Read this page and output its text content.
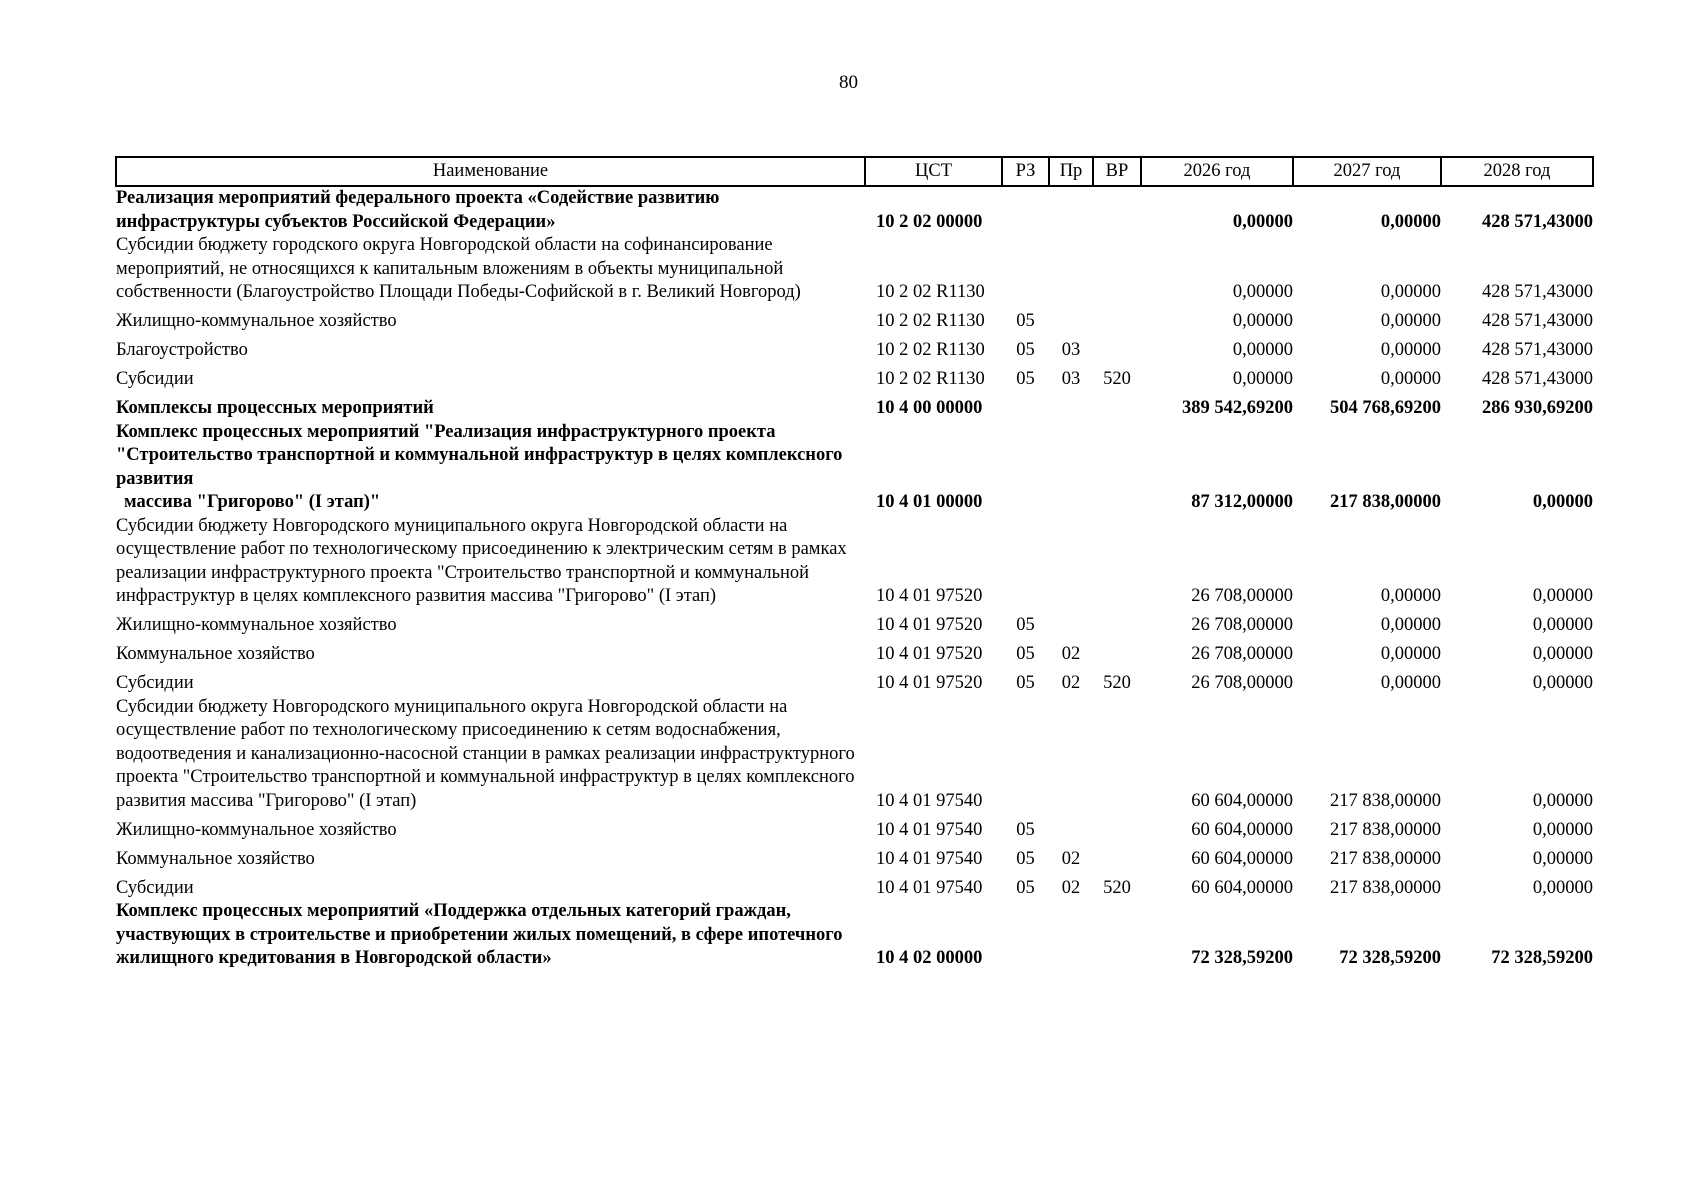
80
Наименование	ЦСТ	РЗ	Пр	ВР	2026 год	2027 год	2028 год
Реализация мероприятий федерального проекта «Содействие развитию инфраструктуры субъектов Российской Федерации»	10 2 02 00000				0,00000	0,00000	428 571,43000
Субсидии бюджету городского округа Новгородской области на софинансирование мероприятий, не относящихся к капитальным вложениям в объекты муниципальной собственности (Благоустройство Площади Победы-Софийской в г. Великий Новгород)	10 2 02 R1130				0,00000	0,00000	428 571,43000
Жилищно-коммунальное хозяйство	10 2 02 R1130	05			0,00000	0,00000	428 571,43000
Благоустройство	10 2 02 R1130	05	03		0,00000	0,00000	428 571,43000
Субсидии	10 2 02 R1130	05	03	520	0,00000	0,00000	428 571,43000
Комплексы процессных мероприятий	10 4 00 00000				389 542,69200	504 768,69200	286 930,69200
Комплекс процессных мероприятий "Реализация инфраструктурного проекта "Строительство транспортной и коммунальной инфраструктур в целях комплексного развития
массива "Григорово" (I этап)"	10 4 01 00000				87 312,00000	217 838,00000	0,00000
Субсидии бюджету Новгородского муниципального округа Новгородской области на осуществление работ по технологическому присоединению к электрическим сетям в рамках реализации инфраструктурного проекта "Строительство транспортной и коммунальной инфраструктур в целях комплексного развития массива "Григорово" (I этап)	10 4 01 97520				26 708,00000	0,00000	0,00000
Жилищно-коммунальное хозяйство	10 4 01 97520	05			26 708,00000	0,00000	0,00000
Коммунальное хозяйство	10 4 01 97520	05	02		26 708,00000	0,00000	0,00000
Субсидии	10 4 01 97520	05	02	520	26 708,00000	0,00000	0,00000
Субсидии бюджету Новгородского муниципального округа Новгородской области на осуществление работ по технологическому присоединению к сетям водоснабжения, водоотведения и канализационно-насосной станции в рамках реализации инфраструктурного проекта "Строительство транспортной и коммунальной инфраструктур в целях комплексного развития массива "Григорово" (I этап)	10 4 01 97540				60 604,00000	217 838,00000	0,00000
Жилищно-коммунальное хозяйство	10 4 01 97540	05			60 604,00000	217 838,00000	0,00000
Коммунальное хозяйство	10 4 01 97540	05	02		60 604,00000	217 838,00000	0,00000
Субсидии	10 4 01 97540	05	02	520	60 604,00000	217 838,00000	0,00000
Комплекс процессных мероприятий «Поддержка отдельных категорий граждан, участвующих в строительстве и приобретении жилых помещений, в сфере ипотечного жилищного кредитования в Новгородской области»	10 4 02 00000				72 328,59200	72 328,59200	72 328,59200
